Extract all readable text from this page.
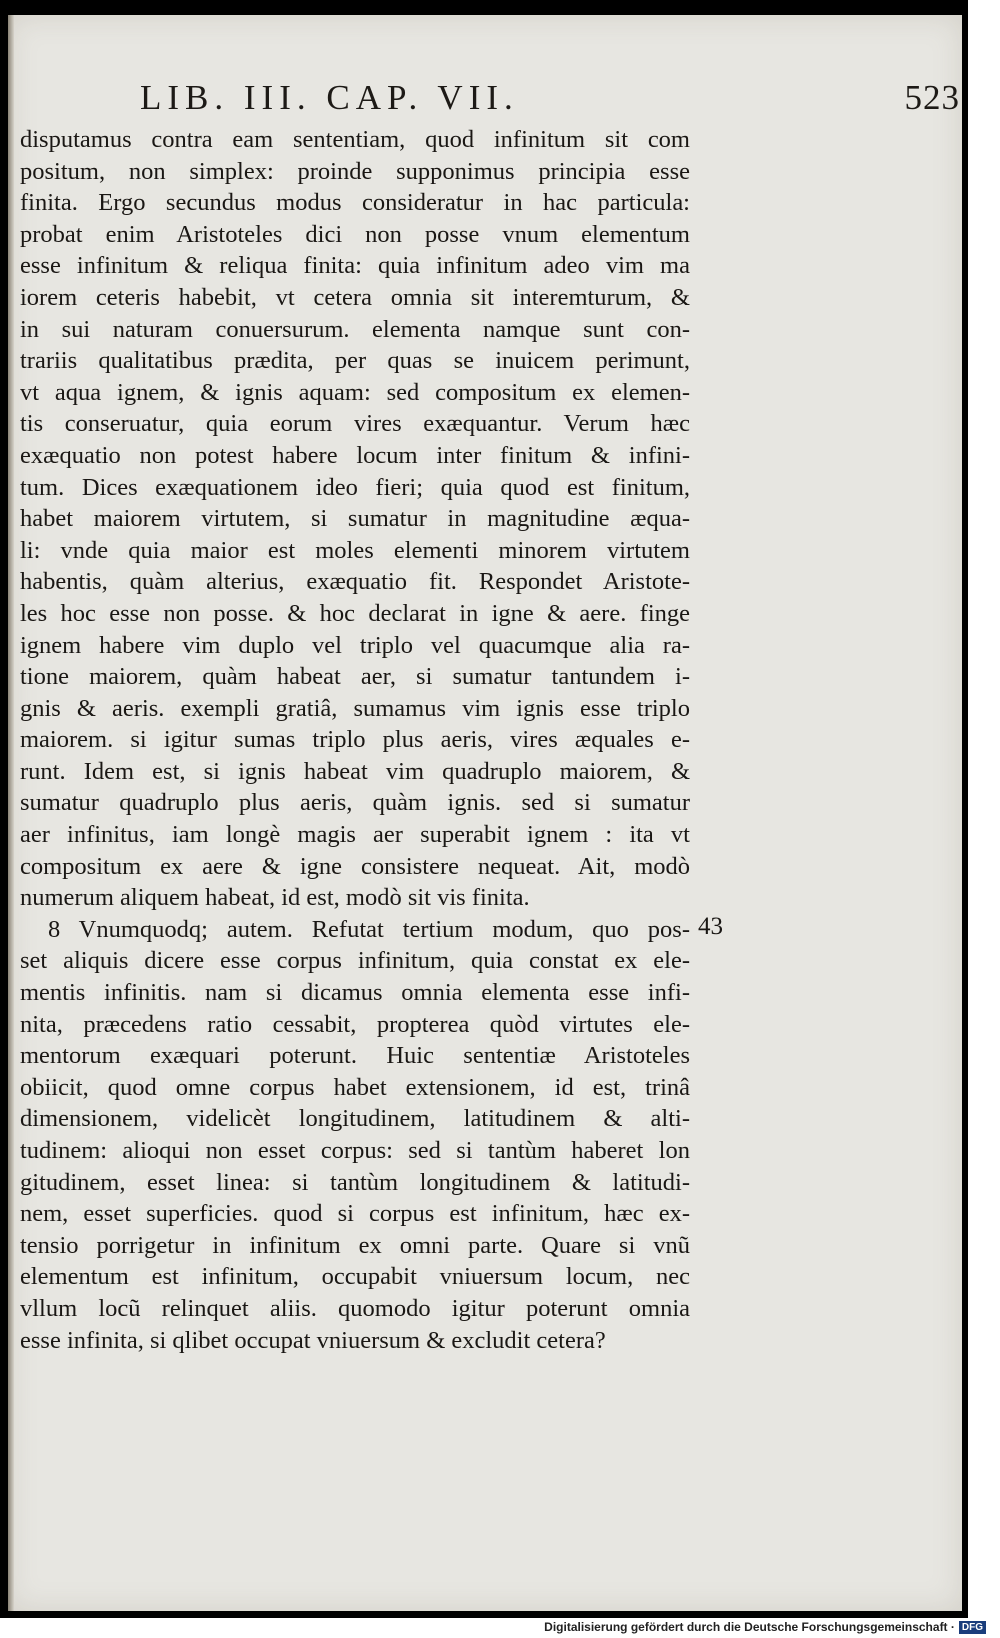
LIB. III. CAP. VII.	523
disputamus contra eam sententiam, quod infinitum sit com
positum, non simplex: proinde supponimus principia esse
finita. Ergo secundus modus consideratur in hac particula:
probat enim Aristoteles dici non posse vnum elementum
esse infinitum & reliqua finita: quia infinitum adeo vim ma
iorem ceteris habebit, vt cetera omnia sit interemturum, &
in sui naturam conuersurum. elementa namque sunt con-
trariis qualitatibus prædita, per quas se inuicem perimunt,
vt aqua ignem, & ignis aquam: sed compositum ex elemen-
tis conseruatur, quia eorum vires exæquantur. Verum hæc
exæquatio non potest habere locum inter finitum & infini-
tum. Dices exæquationem ideo fieri; quia quod est finitum,
habet maiorem virtutem, si sumatur in magnitudine æqua-
li: vnde quia maior est moles elementi minorem virtutem
habentis, quàm alterius, exæquatio fit. Respondet Aristote-
les hoc esse non posse. & hoc declarat in igne & aere. finge
ignem habere vim duplo vel triplo vel quacumque alia ra-
tione maiorem, quàm habeat aer, si sumatur tantundem i-
gnis & aeris. exempli gratiâ, sumamus vim ignis esse triplo
maiorem. si igitur sumas triplo plus aeris, vires æquales e-
runt. Idem est, si ignis habeat vim quadruplo maiorem, &
sumatur quadruplo plus aeris, quàm ignis. sed si sumatur
aer infinitus, iam longè magis aer superabit ignem : ita vt
compositum ex aere & igne consistere nequeat. Ait, modò
numerum aliquem habeat, id est, modò sit vis finita.
8 Vnumquodq; autem. Refutat tertium modum, quo pos-
set aliquis dicere esse corpus infinitum, quia constat ex ele-
mentis infinitis. nam si dicamus omnia elementa esse infi-
nita, præcedens ratio cessabit, propterea quòd virtutes ele-
mentorum exæquari poterunt. Huic sententiæ Aristoteles
obiicit, quod omne corpus habet extensionem, id est, trinâ
dimensionem, videlicèt longitudinem, latitudinem & alti-
tudinem: alioqui non esset corpus: sed si tantùm haberet lon
gitudinem, esset linea: si tantùm longitudinem & latitudi-
nem, esset superficies. quod si corpus est infinitum, hæc ex-
tensio porrigetur in infinitum ex omni parte. Quare si vnũ
elementum est infinitum, occupabit vniuersum locum, nec
vllum locũ relinquet aliis. quomodo igitur poterunt omnia
esse infinita, si qlibet occupat vniuersum & excludit cetera?
43
Digitalisierung gefördert durch die Deutsche Forschungsgemeinschaft · DFG
